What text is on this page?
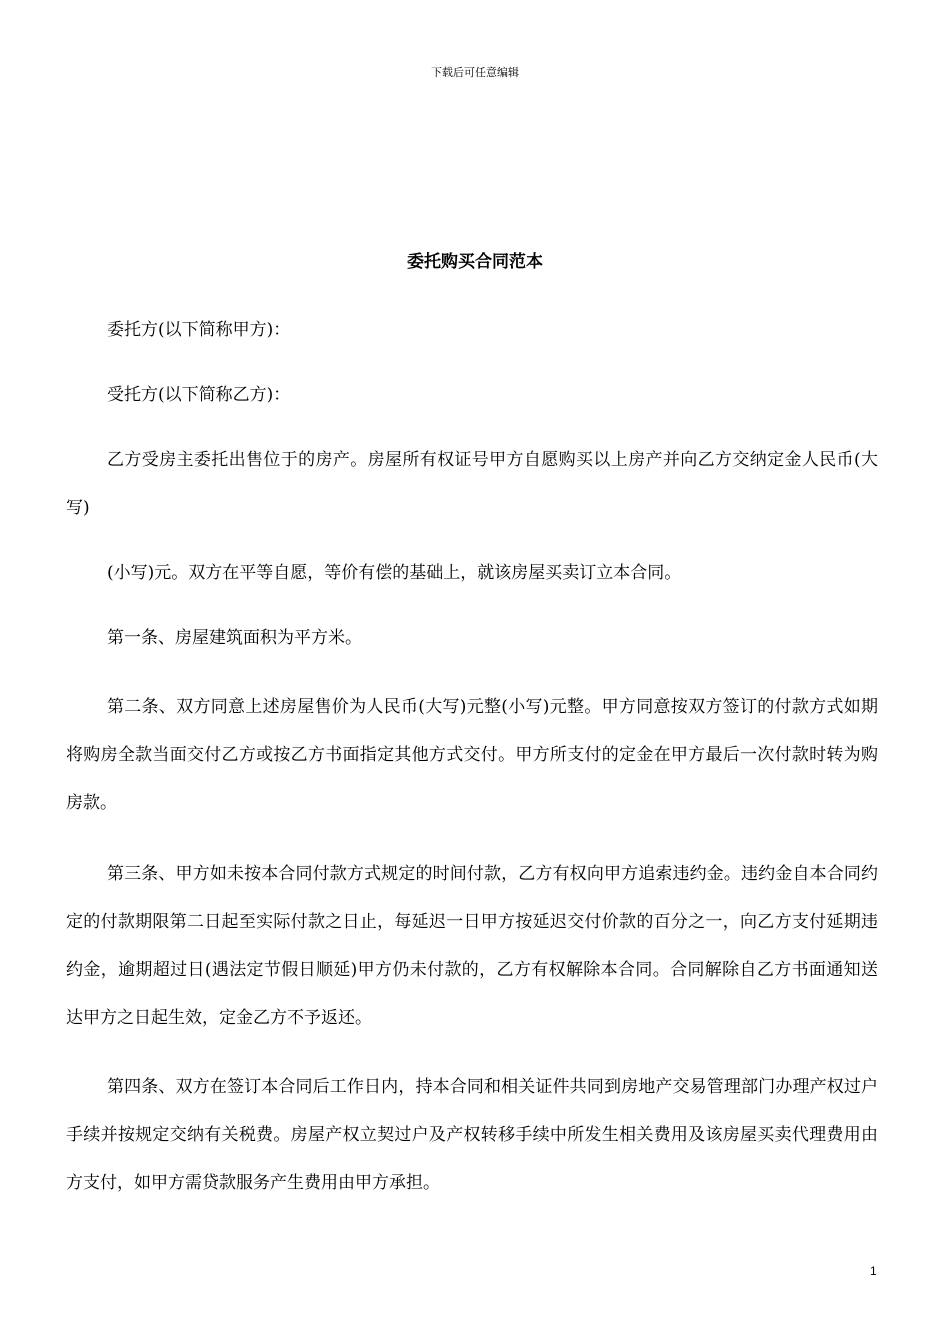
下载后可任意编辑
委托购买合同范本

委托方(以下简称甲方)：

受托方(以下简称乙方)：

乙方受房主委托出售位于的房产。房屋所有权证号甲方自愿购买以上房产并向乙方交纳定金人民币(大写)

(小写)元。双方在平等自愿，等价有偿的基础上，就该房屋买卖订立本合同。

第一条、房屋建筑面积为平方米。

第二条、双方同意上述房屋售价为人民币(大写)元整(小写)元整。甲方同意按双方签订的付款方式如期将购房全款当面交付乙方或按乙方书面指定其他方式交付。甲方所支付的定金在甲方最后一次付款时转为购房款。

第三条、甲方如未按本合同付款方式规定的时间付款，乙方有权向甲方追索违约金。违约金自本合同约定的付款期限第二日起至实际付款之日止，每延迟一日甲方按延迟交付价款的百分之一，向乙方支付延期违约金，逾期超过日(遇法定节假日顺延)甲方仍未付款的，乙方有权解除本合同。合同解除自乙方书面通知送达甲方之日起生效，定金乙方不予返还。

第四条、双方在签订本合同后工作日内，持本合同和相关证件共同到房地产交易管理部门办理产权过户手续并按规定交纳有关税费。房屋产权立契过户及产权转移手续中所发生相关费用及该房屋买卖代理费用由方支付，如甲方需贷款服务产生费用由甲方承担。

1
